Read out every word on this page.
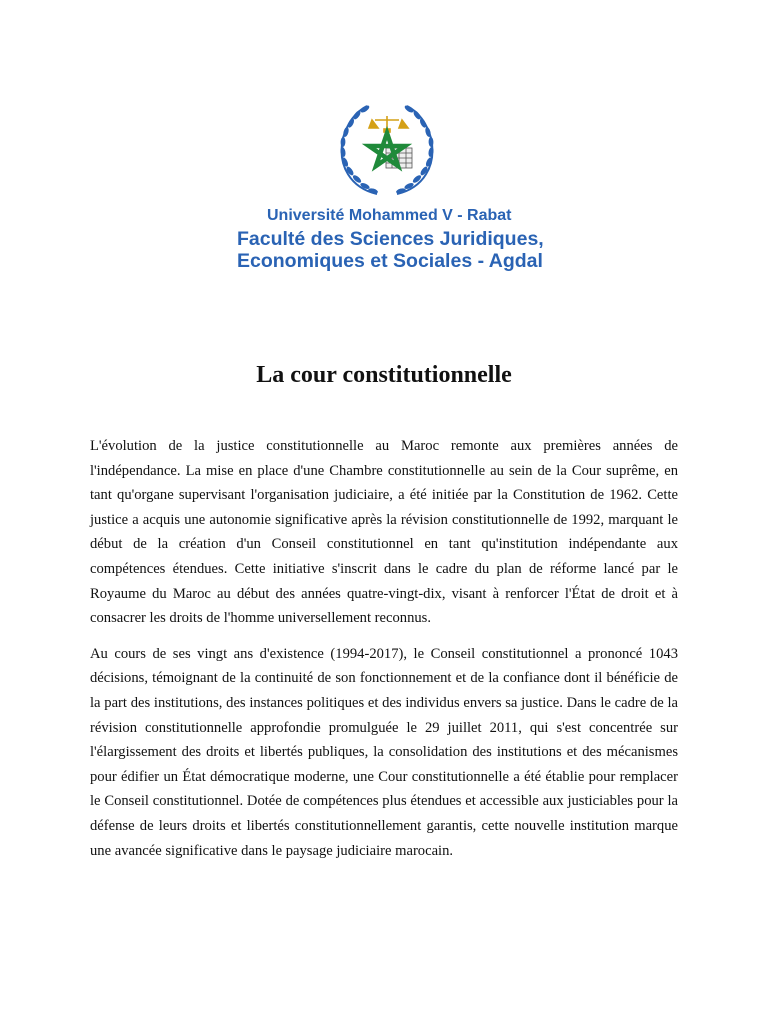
Université Mohammed V - Rabat
Faculté des Sciences Juridiques,
Economiques et Sociales - Agdal
La cour constitutionnelle

L'évolution de la justice constitutionnelle au Maroc remonte aux premières années de l'indépendance. La mise en place d'une Chambre constitutionnelle au sein de la Cour suprême, en tant qu'organe supervisant l'organisation judiciaire, a été initiée par la Constitution de 1962. Cette justice a acquis une autonomie significative après la révision constitutionnelle de 1992, marquant le début de la création d'un Conseil constitutionnel en tant qu'institution indépendante aux compétences étendues. Cette initiative s'inscrit dans le cadre du plan de réforme lancé par le Royaume du Maroc au début des années quatre-vingt-dix, visant à renforcer l'État de droit et à consacrer les droits de l'homme universellement reconnus.

Au cours de ses vingt ans d'existence (1994-2017), le Conseil constitutionnel a prononcé 1043 décisions, témoignant de la continuité de son fonctionnement et de la confiance dont il bénéficie de la part des institutions, des instances politiques et des individus envers sa justice. Dans le cadre de la révision constitutionnelle approfondie promulguée le 29 juillet 2011, qui s'est concentrée sur l'élargissement des droits et libertés publiques, la consolidation des institutions et des mécanismes pour édifier un État démocratique moderne, une Cour constitutionnelle a été établie pour remplacer le Conseil constitutionnel. Dotée de compétences plus étendues et accessible aux justiciables pour la défense de leurs droits et libertés constitutionnellement garantis, cette nouvelle institution marque une avancée significative dans le paysage judiciaire marocain.
